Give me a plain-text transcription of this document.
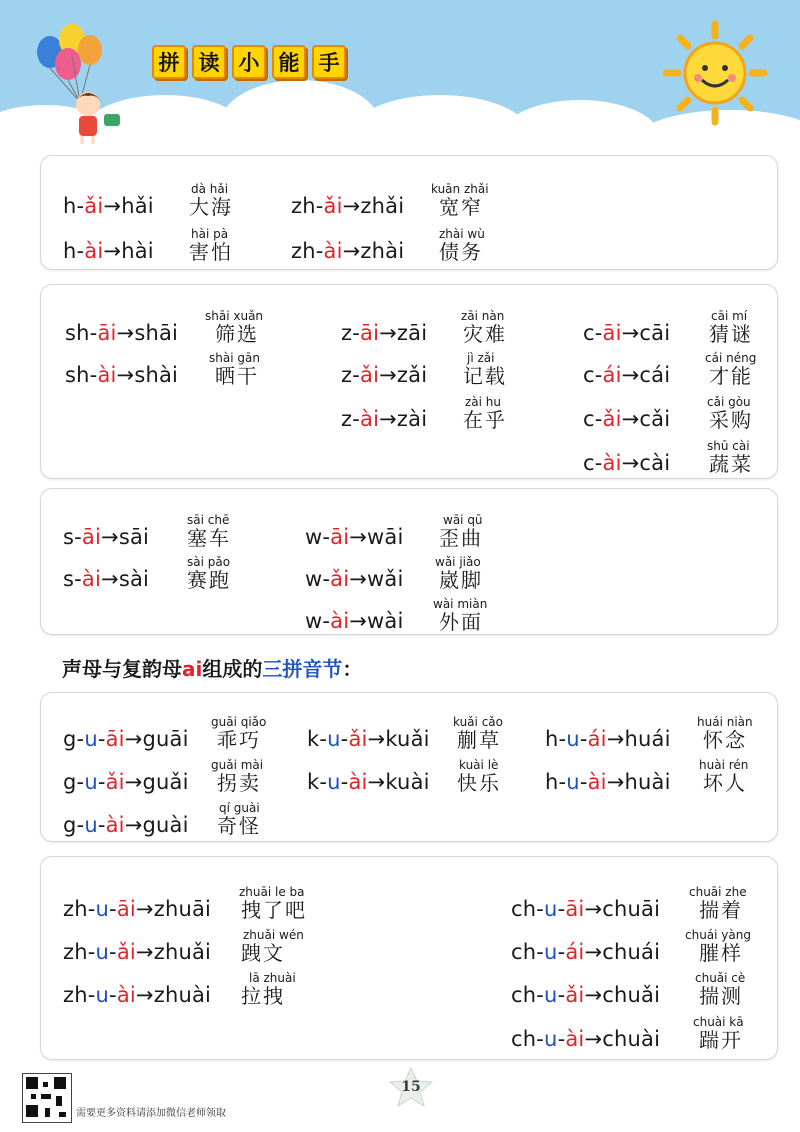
拼 读 小 能 手
h-ǎi→hǎi
dà hǎi
大海
h-ài→hài
hài pà
害怕
zh-ǎi→zhǎi
kuān zhǎi
宽窄
zh-ài→zhài
zhài wù
债务
sh-āi→shāi
shāi xuǎn
筛选
sh-ài→shài
shài gān
晒干
z-āi→zāi
zāi nàn
灾难
z-ǎi→zǎi
jì zǎi
记载
z-ài→zài
zài hu
在乎
c-āi→cāi
cāi mí
猜谜
c-ái→cái
cái néng
才能
c-ǎi→cǎi
cǎi gòu
采购
c-ài→cài
shū cài
蔬菜
s-āi→sāi
sāi chē
塞车
s-ài→sài
sài pǎo
赛跑
w-āi→wāi
wāi qū
歪曲
w-ǎi→wǎi
wǎi jiǎo
崴脚
w-ài→wài
wài miàn
外面
声母与复韵母ai组成的三拼音节：
g-u-āi→guāi
guāi qiǎo
乖巧
g-u-ǎi→guǎi
guǎi mài
拐卖
g-u-ài→guài
qí guài
奇怪
k-u-ǎi→kuǎi
kuǎi cǎo
蒯草
k-u-ài→kuài
kuài lè
快乐
h-u-ái→huái
huái niàn
怀念
h-u-ài→huài
huài rén
坏人
zh-u-āi→zhuāi
zhuāi le ba
拽了吧
zh-u-ǎi→zhuǎi
zhuǎi wén
跩文
zh-u-ài→zhuài
lā zhuài
拉拽
ch-u-āi→chuāi
chuāi zhe
揣着
ch-u-ái→chuái
chuái yàng
膗样
ch-u-ǎi→chuǎi
chuǎi cè
揣测
ch-u-ài→chuài
chuài kā
踹开
需要更多资料请添加微信老师领取
15
